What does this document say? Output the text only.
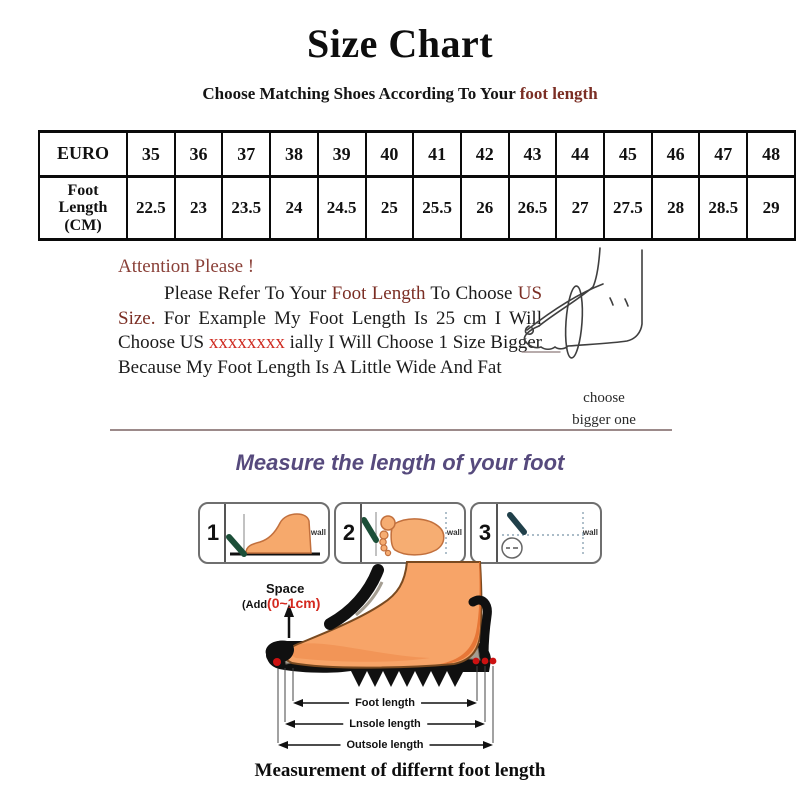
Size Chart
Choose Matching Shoes According To Your foot length
EURO	35	36	37	38	39	40	41	42	43	44	45	46	47	48

Foot
Length
(CM)	22.5	23	23.5	24	24.5	25	25.5	26	26.5	27	27.5	28	28.5	29

Attention Please !

Please Refer To Your Foot Length To Choose US Size. For Example My Foot Length Is 25 cm I Will Choose US xxxxxxxx ially I Will Choose 1 Size Bigger Because My Foot Length Is A Little Wide And Fat

choose
bigger one
Measure the length of your foot
1	wall 2	wall 3	wall
Space
(Add(0~1cm)
Foot length
Lnsole length
Outsole length
Measurement of differnt foot length
